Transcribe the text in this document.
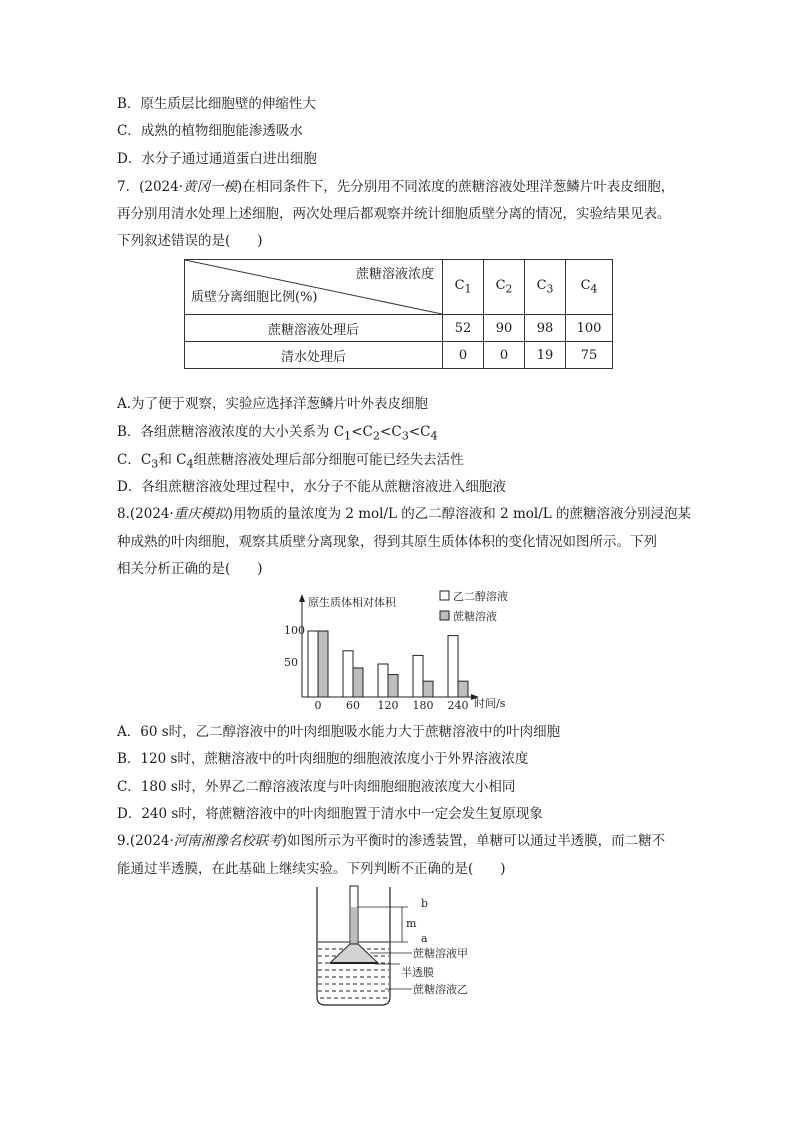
B．原生质层比细胞壁的伸缩性大
C．成熟的植物细胞能渗透吸水
D．水分子通过通道蛋白进出细胞
7．(2024·黄冈一模)在相同条件下，先分别用不同浓度的蔗糖溶液处理洋葱鳞片叶表皮细胞，
再分别用清水处理上述细胞，两次处理后都观察并统计细胞质壁分离的情况，实验结果见表。
下列叙述错误的是(　　)
蔗糖溶液浓度
质壁分离细胞比例(%)	$C_1$	$C_2$	$C_3$	$C_4$
蔗糖溶液处理后	52	90	98	100
清水处理后	0	0	19	75
A.为了便于观察，实验应选择洋葱鳞片叶外表皮细胞
B．各组蔗糖溶液浓度的大小关系为 $C_1<C_2<C_3<C_4$
C．$C_3$和 $C_4$组蔗糖溶液处理后部分细胞可能已经失去活性
D．各组蔗糖溶液处理过程中，水分子不能从蔗糖溶液进入细胞液
8.(2024·重庆模拟)用物质的量浓度为 2 mol/L 的乙二醇溶液和 2 mol/L 的蔗糖溶液分别浸泡某
种成熟的叶肉细胞，观察其质壁分离现象，得到其原生质体体积的变化情况如图所示。下列
相关分析正确的是(　　)
原生质体相对体积
时间/s
50
100
0 60 120 180 240
乙二醇溶液
蔗糖溶液
A．60 s时，乙二醇溶液中的叶肉细胞吸水能力大于蔗糖溶液中的叶肉细胞
B．120 s时，蔗糖溶液中的叶肉细胞的细胞液浓度小于外界溶液浓度
C．180 s时，外界乙二醇溶液浓度与叶肉细胞细胞液浓度大小相同
D．240 s时，将蔗糖溶液中的叶肉细胞置于清水中一定会发生复原现象
9.(2024·河南湘豫名校联考)如图所示为平衡时的渗透装置，单糖可以通过半透膜，而二糖不
能通过半透膜，在此基础上继续实验。下列判断不正确的是(　　)
b
m
a
蔗糖溶液甲
半透膜
蔗糖溶液乙
